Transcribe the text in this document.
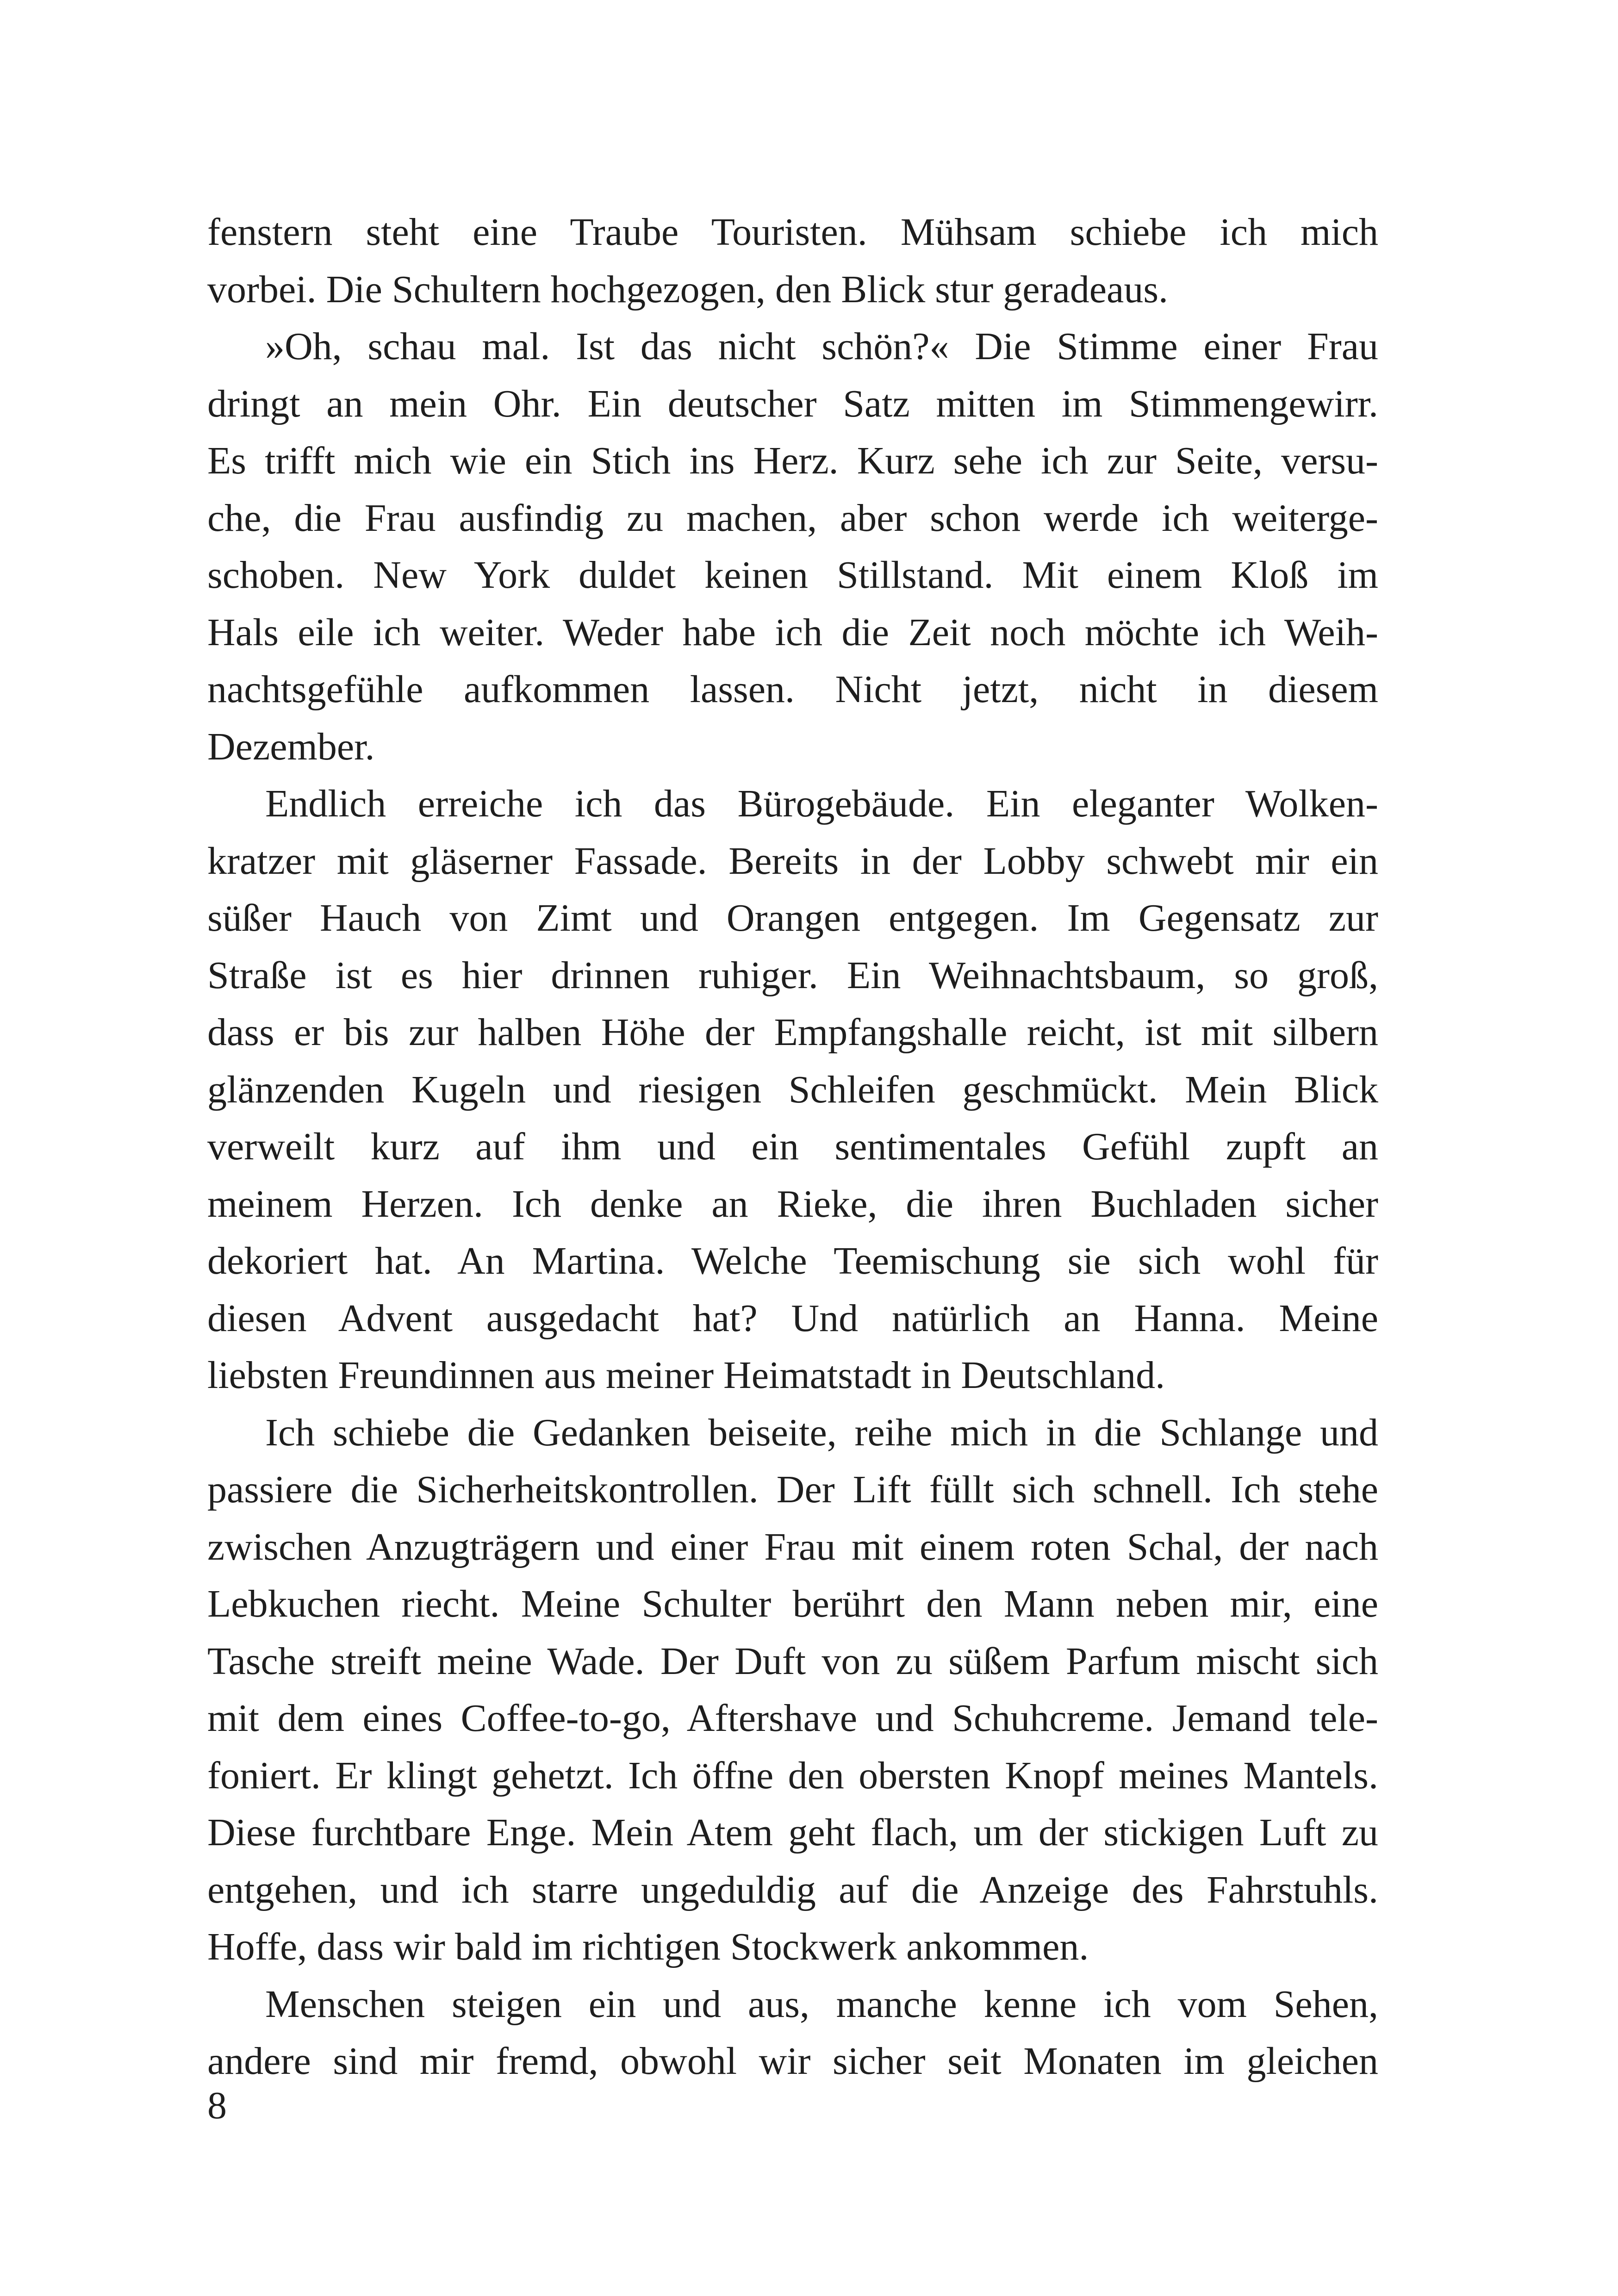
fenstern steht eine Traube Touristen. Mühsam schiebe ich mich
vorbei. Die Schultern hochgezogen, den Blick stur geradeaus.
»Oh, schau mal. Ist das nicht schön?« Die Stimme einer Frau
dringt an mein Ohr. Ein deutscher Satz mitten im Stimmengewirr.
Es trifft mich wie ein Stich ins Herz. Kurz sehe ich zur Seite, versu-
che, die Frau ausfindig zu machen, aber schon werde ich weiterge-
schoben. New York duldet keinen Stillstand. Mit einem Kloß im
Hals eile ich weiter. Weder habe ich die Zeit noch möchte ich Weih-
nachtsgefühle aufkommen lassen. Nicht jetzt, nicht in diesem
Dezember.
Endlich erreiche ich das Bürogebäude. Ein eleganter Wolken-
kratzer mit gläserner Fassade. Bereits in der Lobby schwebt mir ein
süßer Hauch von Zimt und Orangen entgegen. Im Gegensatz zur
Straße ist es hier drinnen ruhiger. Ein Weihnachtsbaum, so groß,
dass er bis zur halben Höhe der Empfangshalle reicht, ist mit silbern
glänzenden Kugeln und riesigen Schleifen geschmückt. Mein Blick
verweilt kurz auf ihm und ein sentimentales Gefühl zupft an
meinem Herzen. Ich denke an Rieke, die ihren Buchladen sicher
dekoriert hat. An Martina. Welche Teemischung sie sich wohl für
diesen Advent ausgedacht hat? Und natürlich an Hanna. Meine
liebsten Freundinnen aus meiner Heimatstadt in Deutschland.
Ich schiebe die Gedanken beiseite, reihe mich in die Schlange und
passiere die Sicherheitskontrollen. Der Lift füllt sich schnell. Ich stehe
zwischen Anzugträgern und einer Frau mit einem roten Schal, der nach
Lebkuchen riecht. Meine Schulter berührt den Mann neben mir, eine
Tasche streift meine Wade. Der Duft von zu süßem Parfum mischt sich
mit dem eines Coffee-to-go, Aftershave und Schuhcreme. Jemand tele-
foniert. Er klingt gehetzt. Ich öffne den obersten Knopf meines Mantels.
Diese furchtbare Enge. Mein Atem geht flach, um der stickigen Luft zu
entgehen, und ich starre ungeduldig auf die Anzeige des Fahrstuhls.
Hoffe, dass wir bald im richtigen Stockwerk ankommen.
Menschen steigen ein und aus, manche kenne ich vom Sehen,
andere sind mir fremd, obwohl wir sicher seit Monaten im gleichen
8
